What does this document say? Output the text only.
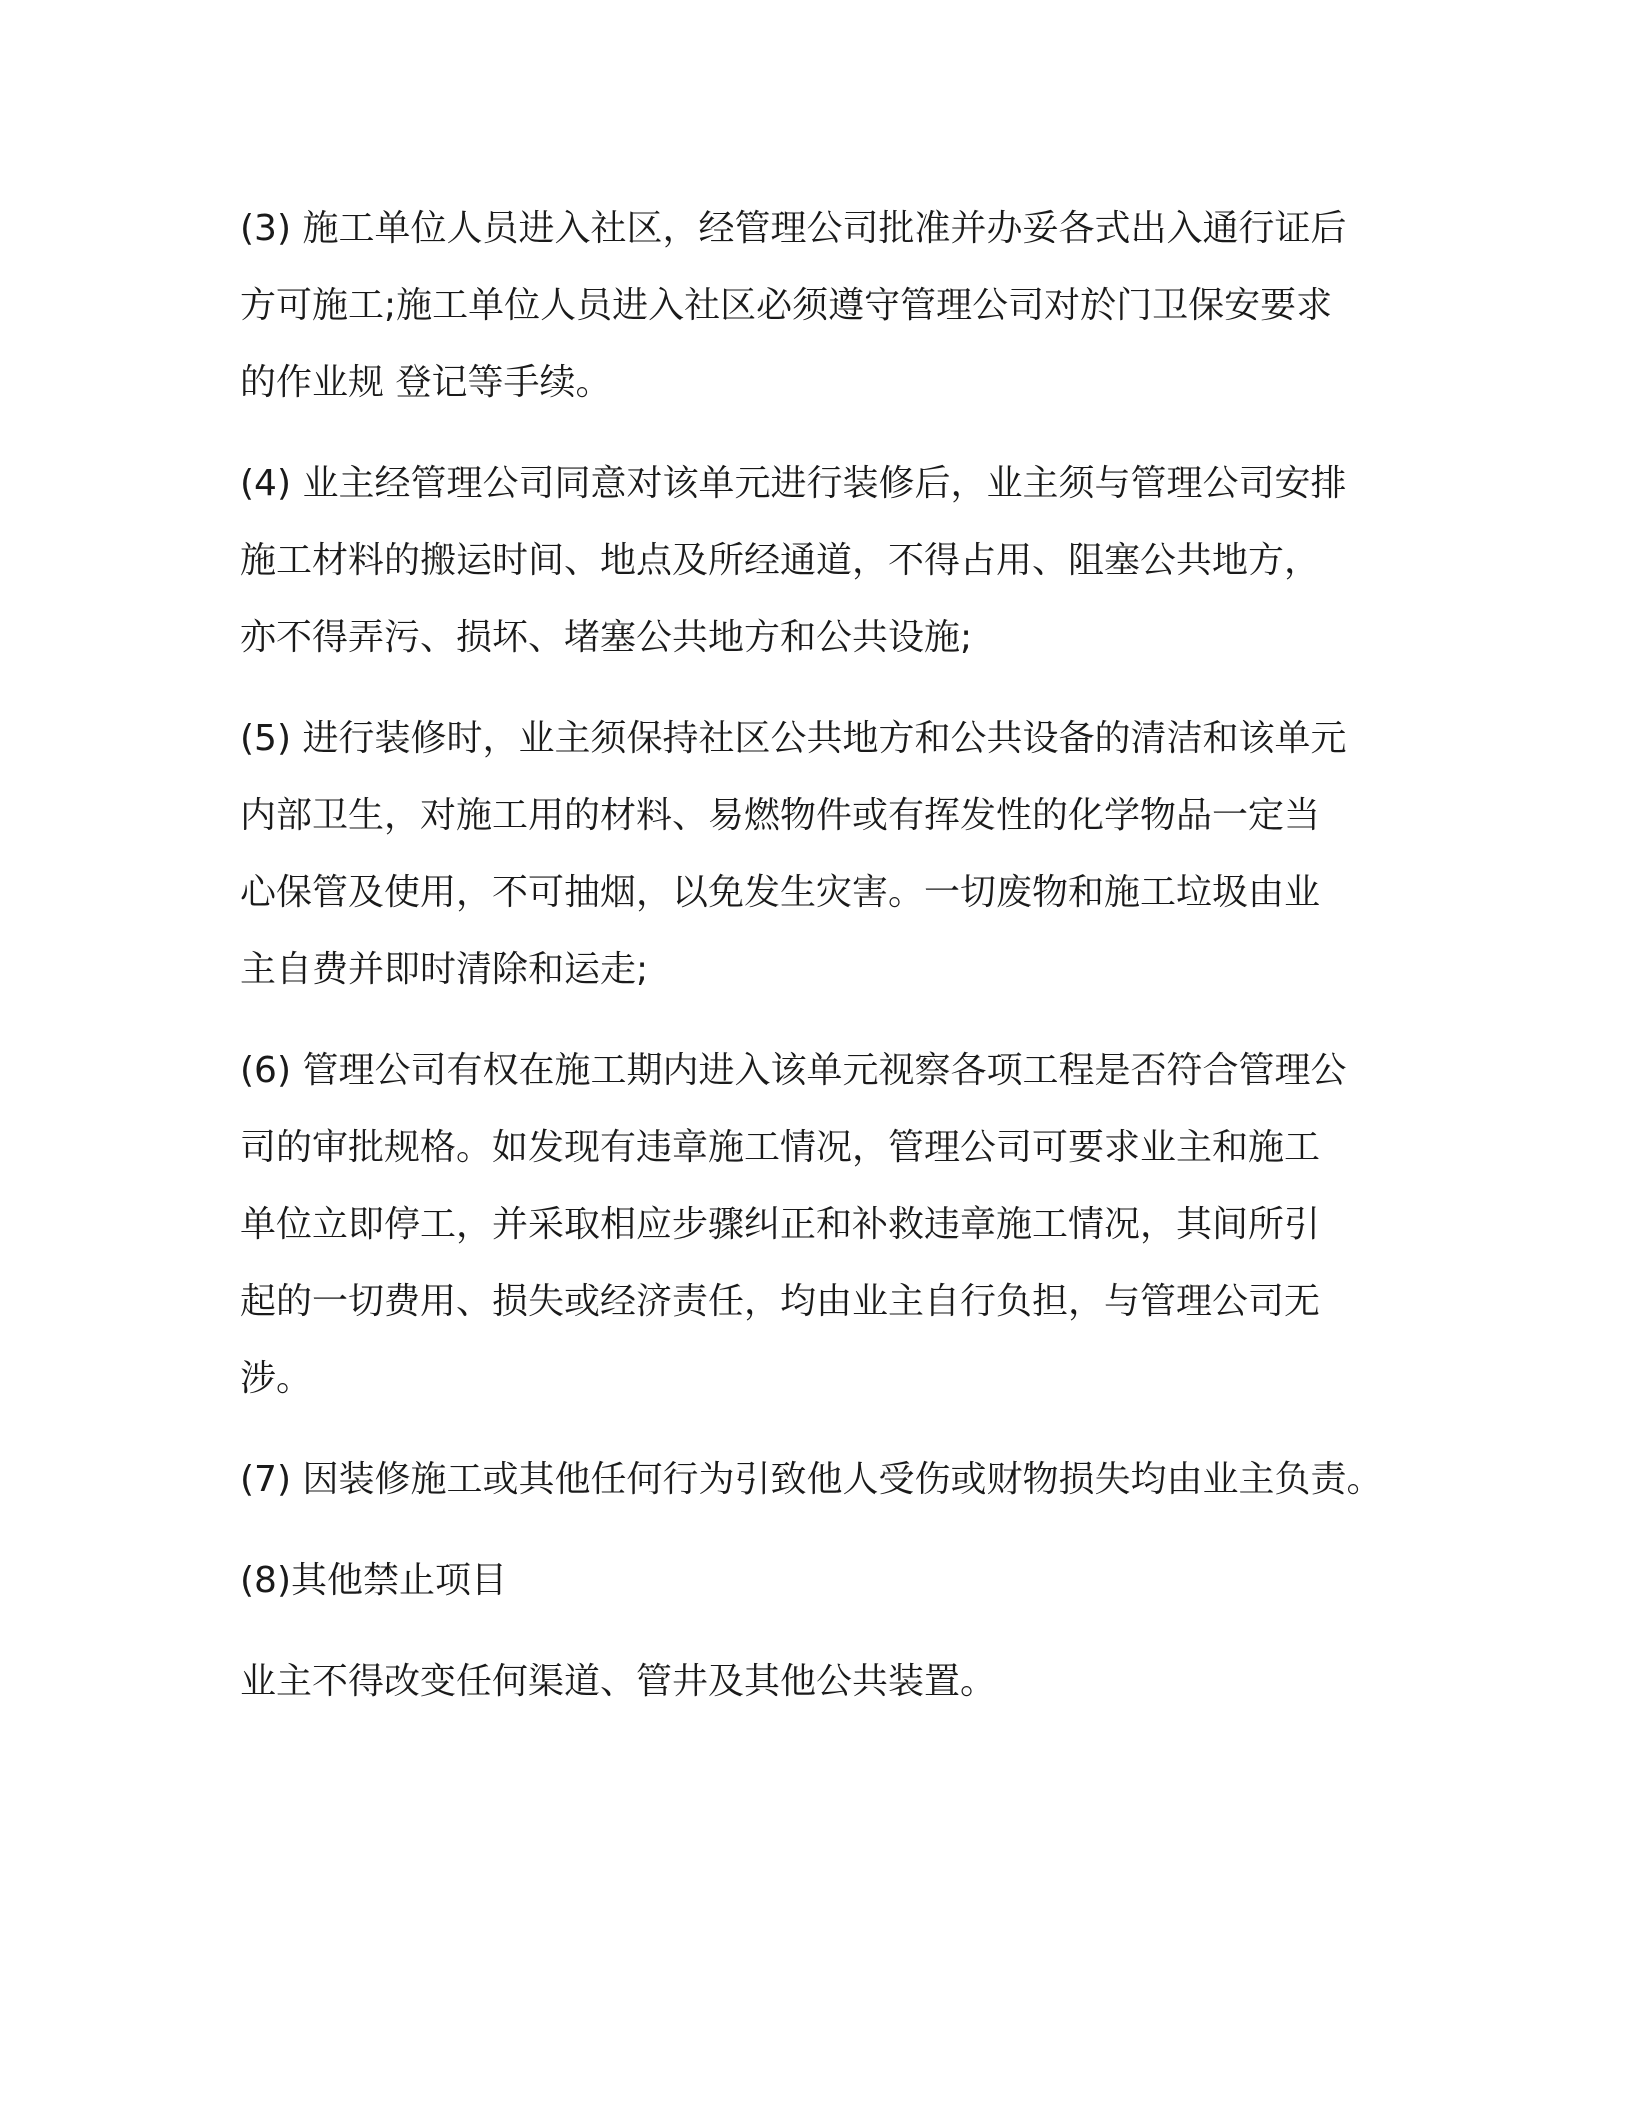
(3) 施工单位人员进入社区，经管理公司批准并办妥各式出入通行证后
方可施工;施工单位人员进入社区必须遵守管理公司对於门卫保安要求
的作业规 登记等手续。
(4) 业主经管理公司同意对该单元进行装修后，业主须与管理公司安排
施工材料的搬运时间、地点及所经通道，不得占用、阻塞公共地方，
亦不得弄污、损坏、堵塞公共地方和公共设施;
(5) 进行装修时，业主须保持社区公共地方和公共设备的清洁和该单元
内部卫生，对施工用的材料、易燃物件或有挥发性的化学物品一定当
心保管及使用，不可抽烟，以免发生灾害。一切废物和施工垃圾由业
主自费并即时清除和运走;
(6) 管理公司有权在施工期内进入该单元视察各项工程是否符合管理公
司的审批规格。如发现有违章施工情况，管理公司可要求业主和施工
单位立即停工，并采取相应步骤纠正和补救违章施工情况，其间所引
起的一切费用、损失或经济责任，均由业主自行负担，与管理公司无
涉。
(7) 因装修施工或其他任何行为引致他人受伤或财物损失均由业主负责。
(8)其他禁止项目
业主不得改变任何渠道、管井及其他公共装置。
